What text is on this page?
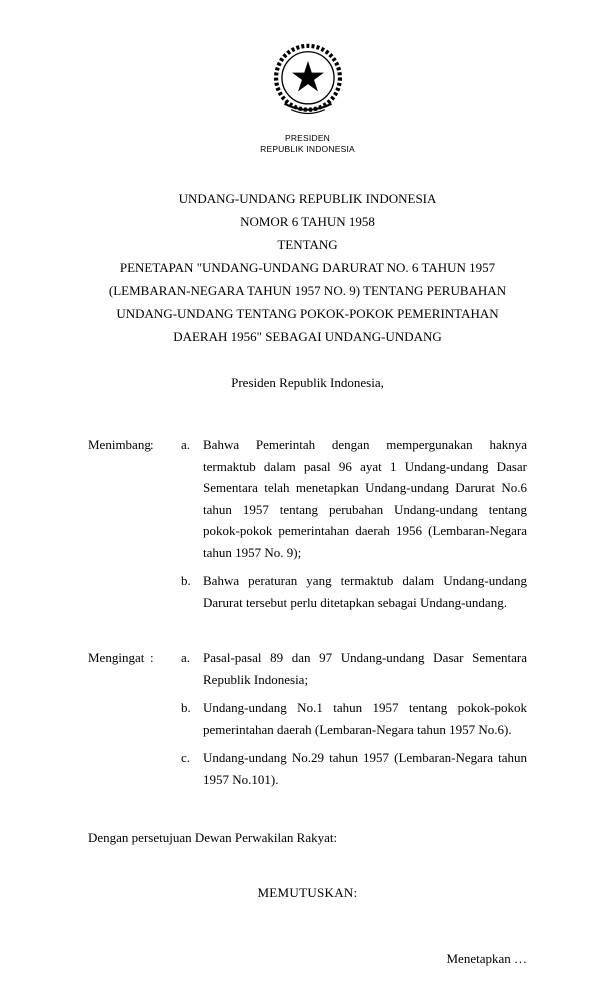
PRESIDEN
REPUBLIK INDONESIA
UNDANG-UNDANG REPUBLIK INDONESIA
NOMOR 6 TAHUN 1958
TENTANG
PENETAPAN "UNDANG-UNDANG DARURAT NO. 6 TAHUN 1957 (LEMBARAN-NEGARA TAHUN 1957 NO. 9) TENTANG PERUBAHAN UNDANG-UNDANG TENTANG POKOK-POKOK PEMERINTAHAN DAERAH 1956" SEBAGAI UNDANG-UNDANG

Presiden Republik Indonesia,

Menimbang :	a. Bahwa Pemerintah dengan mempergunakan haknya termaktub dalam pasal 96 ayat 1 Undang-undang Dasar Sementara telah menetapkan Undang-undang Darurat No.6 tahun 1957 tentang perubahan Undang-undang tentang pokok-pokok pemerintahan daerah 1956 (Lembaran-Negara tahun 1957 No. 9);
b. Bahwa peraturan yang termaktub dalam Undang-undang Darurat tersebut perlu ditetapkan sebagai Undang-undang.
Mengingat :	a. Pasal-pasal 89 dan 97 Undang-undang Dasar Sementara Republik Indonesia;
b. Undang-undang No.1 tahun 1957 tentang pokok-pokok pemerintahan daerah (Lembaran-Negara tahun 1957 No.6).
c. Undang-undang No.29 tahun 1957 (Lembaran-Negara tahun 1957 No.101).

Dengan persetujuan Dewan Perwakilan Rakyat:

MEMUTUSKAN:

Menetapkan …
